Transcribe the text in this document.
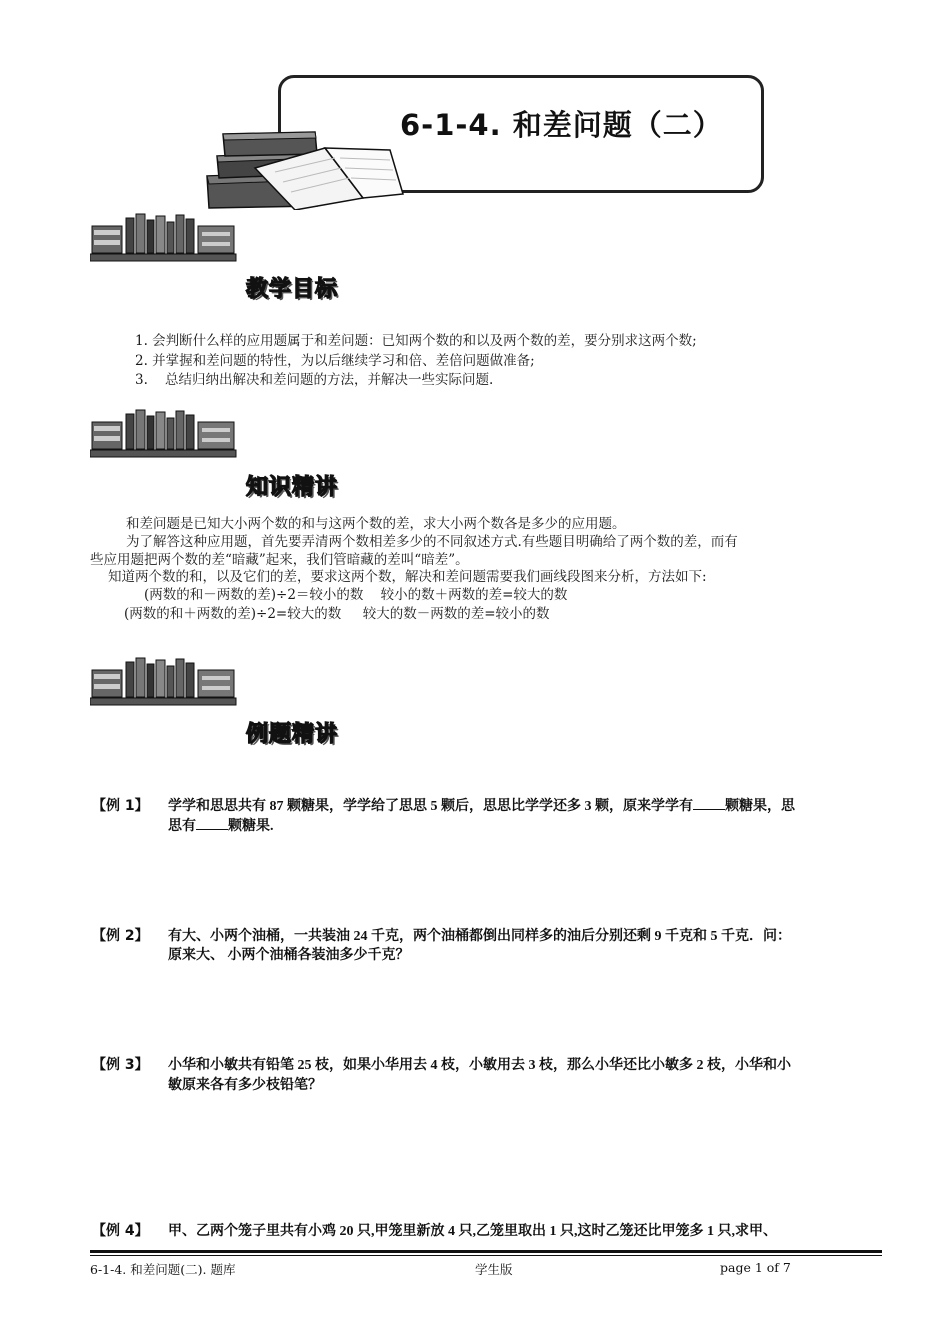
6-1-4. 和差问题（二）
教学目标
1. 会判断什么样的应用题属于和差问题：已知两个数的和以及两个数的差，要分别求这两个数;
2. 并掌握和差问题的特性，为以后继续学习和倍、差倍问题做准备;
3.    总结归纳出解决和差问题的方法，并解决一些实际问题.
知识精讲
和差问题是已知大小两个数的和与这两个数的差，求大小两个数各是多少的应用题。
为了解答这种应用题，首先要弄清两个数相差多少的不同叙述方式.有些题目明确给了两个数的差，而有
些应用题把两个数的差“暗藏”起来，我们管暗藏的差叫“暗差”。
知道两个数的和，以及它们的差，要求这两个数，解决和差问题需要我们画线段图来分析，方法如下:
(两数的和－两数的差)÷2＝较小的数    较小的数＋两数的差=较大的数
(两数的和＋两数的差)÷2=较大的数     较大的数－两数的差=较小的数
例题精讲
【例 1】 学学和思思共有 87 颗糖果，学学给了思思 5 颗后，思思比学学还多 3 颗，原来学学有 颗糖果，思
思有 颗糖果.
【例 2】 有大、小两个油桶，一共装油 24 千克，两个油桶都倒出同样多的油后分别还剩 9 千克和 5 千克．问：
原来大、 小两个油桶各装油多少千克？
【例 3】 小华和小敏共有铅笔 25 枝，如果小华用去 4 枝，小敏用去 3 枝，那么小华还比小敏多 2 枝，小华和小
敏原来各有多少枝铅笔？
【例 4】 甲、乙两个笼子里共有小鸡 20 只,甲笼里新放 4 只,乙笼里取出 1 只,这时乙笼还比甲笼多 1 只,求甲、
6-1-4. 和差问题(二). 题库	学生版	page 1 of 7
